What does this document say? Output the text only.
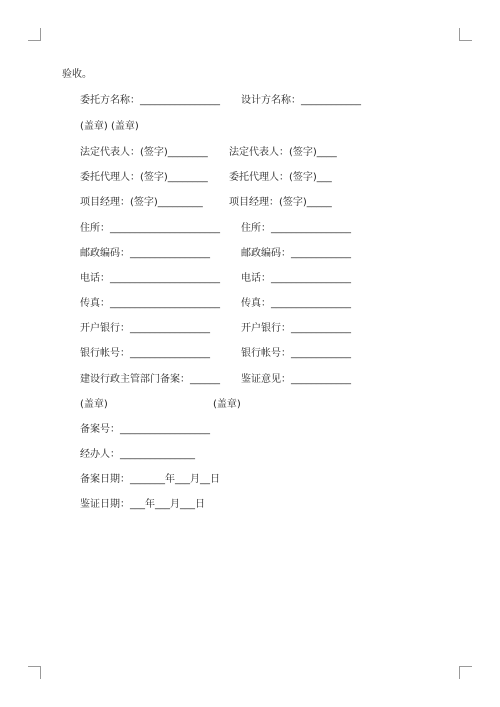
验收。
委托方名称：________________ 设计方名称：____________
(盖章) (盖章)
法定代表人：(签字)________ 法定代表人：(签字)____
委托代理人：(签字)________ 委托代理人：(签字)___
项目经理：(签字)_________	项目经理：(签字)_____
住所：______________________ 住所：________________
邮政编码：________________	邮政编码：____________
电话：______________________ 电话：________________
传真：______________________ 传真：________________
开户银行：________________	开户银行：____________
银行帐号：________________	银行帐号：____________
建设行政主管部门备案：______ 鉴证意见：____________
(盖章)	(盖章)
备案号：__________________
经办人：_______________
备案日期：_______年___月__日
鉴证日期：___年___月___日
